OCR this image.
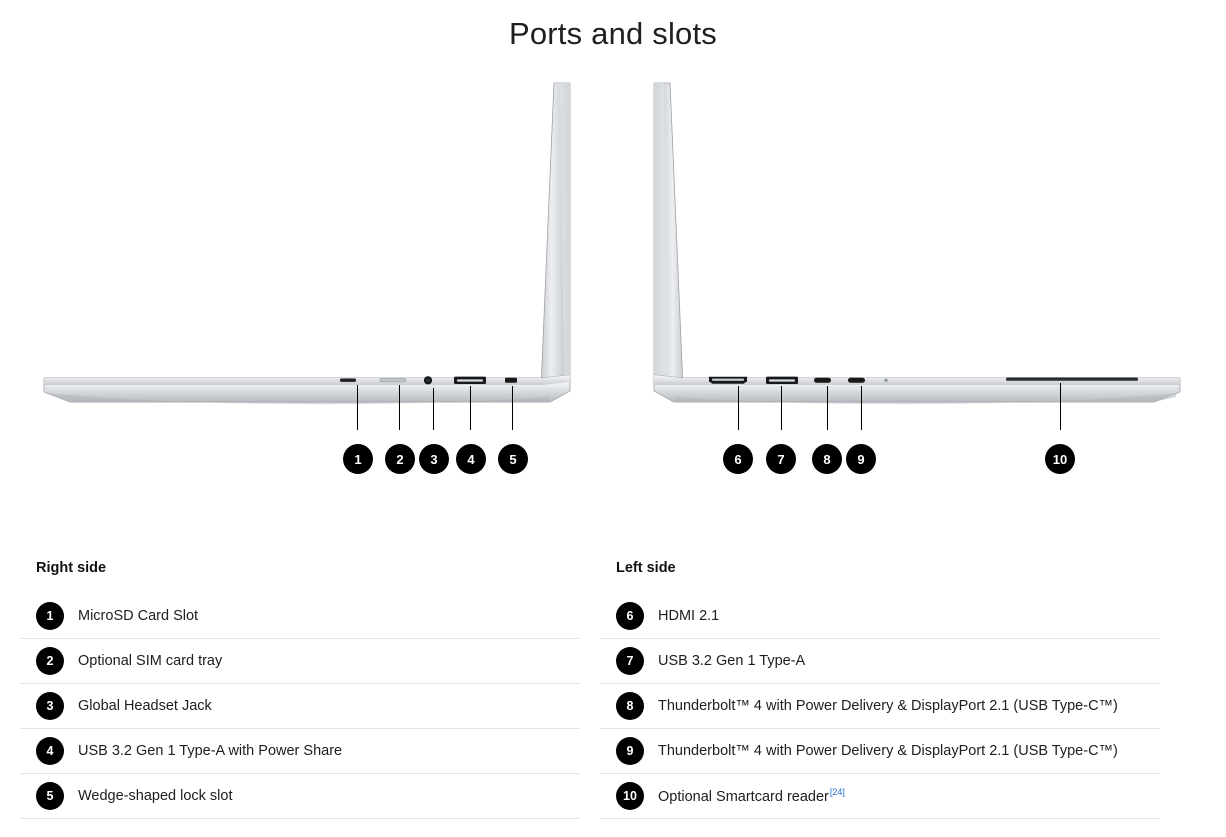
Ports and slots
1	2	3	4	5	6	7	8	9	10
Right side
1	MicroSD Card Slot
2	Optional SIM card tray
3	Global Headset Jack
4	USB 3.2 Gen 1 Type-A with Power Share
5	Wedge-shaped lock slot
Left side
6	HDMI 2.1
7	USB 3.2 Gen 1 Type-A
8	Thunderbolt™ 4 with Power Delivery & DisplayPort 2.1 (USB Type-C™)
9	Thunderbolt™ 4 with Power Delivery & DisplayPort 2.1 (USB Type-C™)
10	Optional Smartcard reader[24]
